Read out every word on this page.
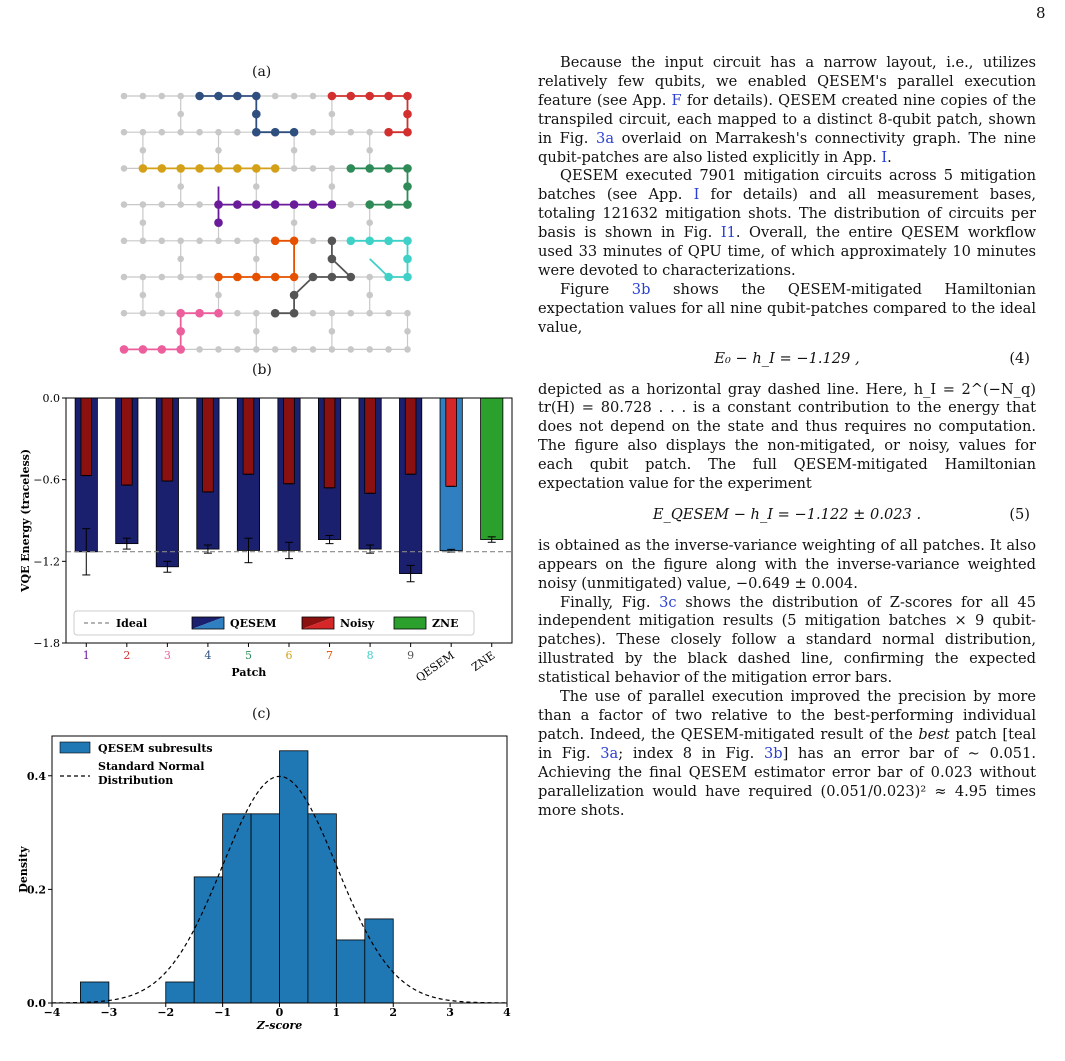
8
(a)
(b)
0.0
−0.6
−1.2
−1.8
1	2	3	4	5	6	7	8	9 QESEM ZNE
Patch
VQE Energy (traceless)
Ideal	QESEM	Noisy	ZNE
(c)
−4	−3	−2	−1	0	1	2	3	4
0.0
0.2
0.4
Z-score
Density
QESEM subresults
Standard Normal
Distribution

Because the input circuit has a narrow layout, i.e., utilizes relatively few qubits, we enabled QESEM's parallel execution feature (see App. F for details). QESEM created nine copies of the transpiled circuit, each mapped to a distinct 8-qubit patch, shown in Fig. 3a overlaid on Marrakesh's connectivity graph. The nine qubit-patches are also listed explicitly in App. I.

QESEM executed 7901 mitigation circuits across 5 mitigation batches (see App. I for details) and all measurement bases, totaling 121632 mitigation shots. The distribution of circuits per basis is shown in Fig. I1. Overall, the entire QESEM workflow used 33 minutes of QPU time, of which approximately 10 minutes were devoted to characterizations.

Figure 3b shows the QESEM-mitigated Hamiltonian expectation values for all nine qubit-patches compared to the ideal value,

E₀ − h_I = −1.129 ,	(4)

depicted as a horizontal gray dashed line. Here, h_I = 2^(−N_q) tr(H) = 80.728 . . . is a constant contribution to the energy that does not depend on the state and thus requires no computation. The figure also displays the non-mitigated, or noisy, values for each qubit patch. The full QESEM-mitigated Hamiltonian expectation value for the experiment

E_QESEM − h_I = −1.122 ± 0.023 .	(5)

is obtained as the inverse-variance weighting of all patches. It also appears on the figure along with the inverse-variance weighted noisy (unmitigated) value, −0.649 ± 0.004.

Finally, Fig. 3c shows the distribution of Z-scores for all 45 independent mitigation results (5 mitigation batches × 9 qubit-patches). These closely follow a standard normal distribution, illustrated by the black dashed line, confirming the expected statistical behavior of the mitigation error bars.

The use of parallel execution improved the precision by more than a factor of two relative to the best-performing individual patch. Indeed, the QESEM-mitigated result of the best patch [teal in Fig. 3a; index 8 in Fig. 3b] has an error bar of ∼ 0.051. Achieving the final QESEM estimator error bar of 0.023 without parallelization would have required (0.051/0.023)² ≈ 4.95 times more shots.
